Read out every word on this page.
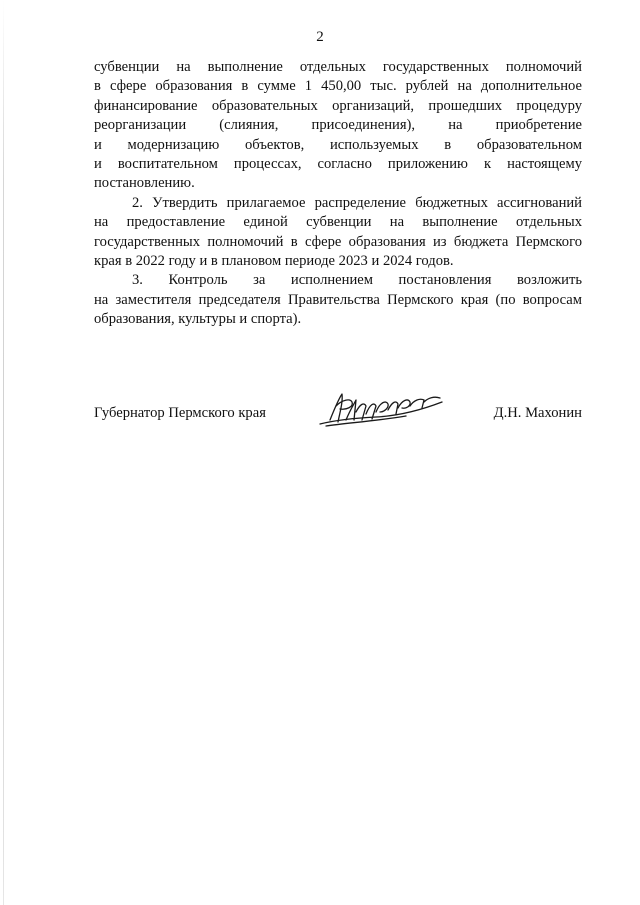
2

субвенции на выполнение отдельных государственных полномочий
в сфере образования в сумме 1 450,00 тыс. рублей на дополнительное
финансирование образовательных организаций, прошедших процедуру
реорганизации (слияния, присоединения), на приобретение
и модернизацию объектов, используемых в образовательном
и воспитательном процессах, согласно приложению к настоящему
постановлению.

2. Утвердить прилагаемое распределение бюджетных ассигнований
на предоставление единой субвенции на выполнение отдельных
государственных полномочий в сфере образования из бюджета Пермского
края в 2022 году и в плановом периоде 2023 и 2024 годов.

3. Контроль за исполнением постановления возложить
на заместителя председателя Правительства Пермского края (по вопросам
образования, культуры и спорта).

Губернатор Пермского края	Д.Н. Махонин
